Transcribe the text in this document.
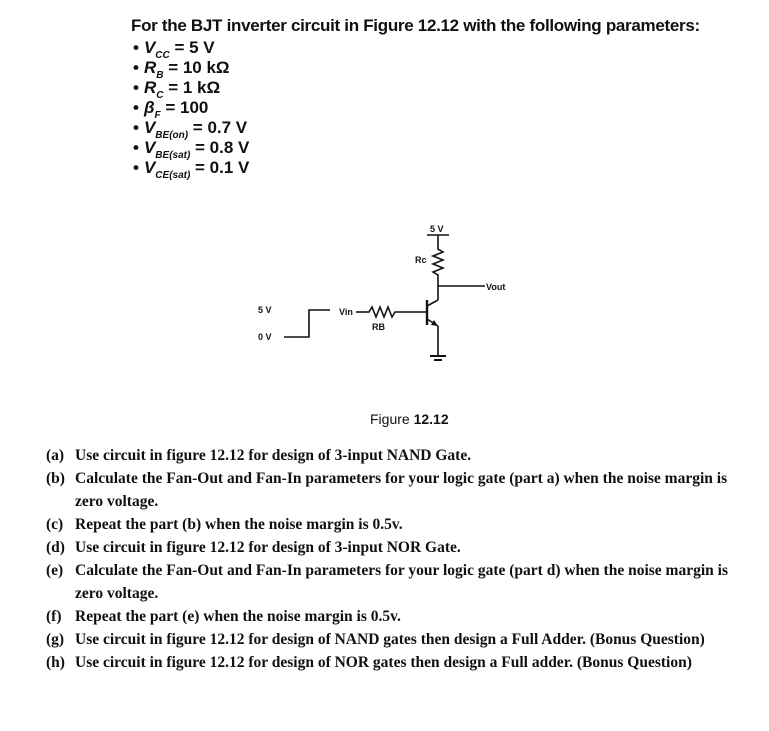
For the BJT inverter circuit in Figure 12.12 with the following parameters:
• $V_{CC} = 5$ V
• $R_B = 10$ kΩ
• $R_C = 1$ kΩ
• $\beta_F = 100$
• $V_{BE(on)} = 0.7$ V
• $V_{BE(sat)} = 0.8$ V
• $V_{CE(sat)} = 0.1$ V
5 V
Rc
Vout
Vin
RB
5 V
0 V
Figure 12.12
(a) Use circuit in figure 12.12 for design of 3-input NAND Gate.
(b) Calculate the Fan-Out and Fan-In parameters for your logic gate (part a) when the noise margin is zero voltage.
(c) Repeat the part (b) when the noise margin is 0.5v.
(d) Use circuit in figure 12.12 for design of 3-input NOR Gate.
(e) Calculate the Fan-Out and Fan-In parameters for your logic gate (part d) when the noise margin is zero voltage.
(f) Repeat the part (e) when the noise margin is 0.5v.
(g) Use circuit in figure 12.12 for design of NAND gates then design a Full Adder. (Bonus Question)
(h) Use circuit in figure 12.12 for design of NOR gates then design a Full adder. (Bonus Question)
